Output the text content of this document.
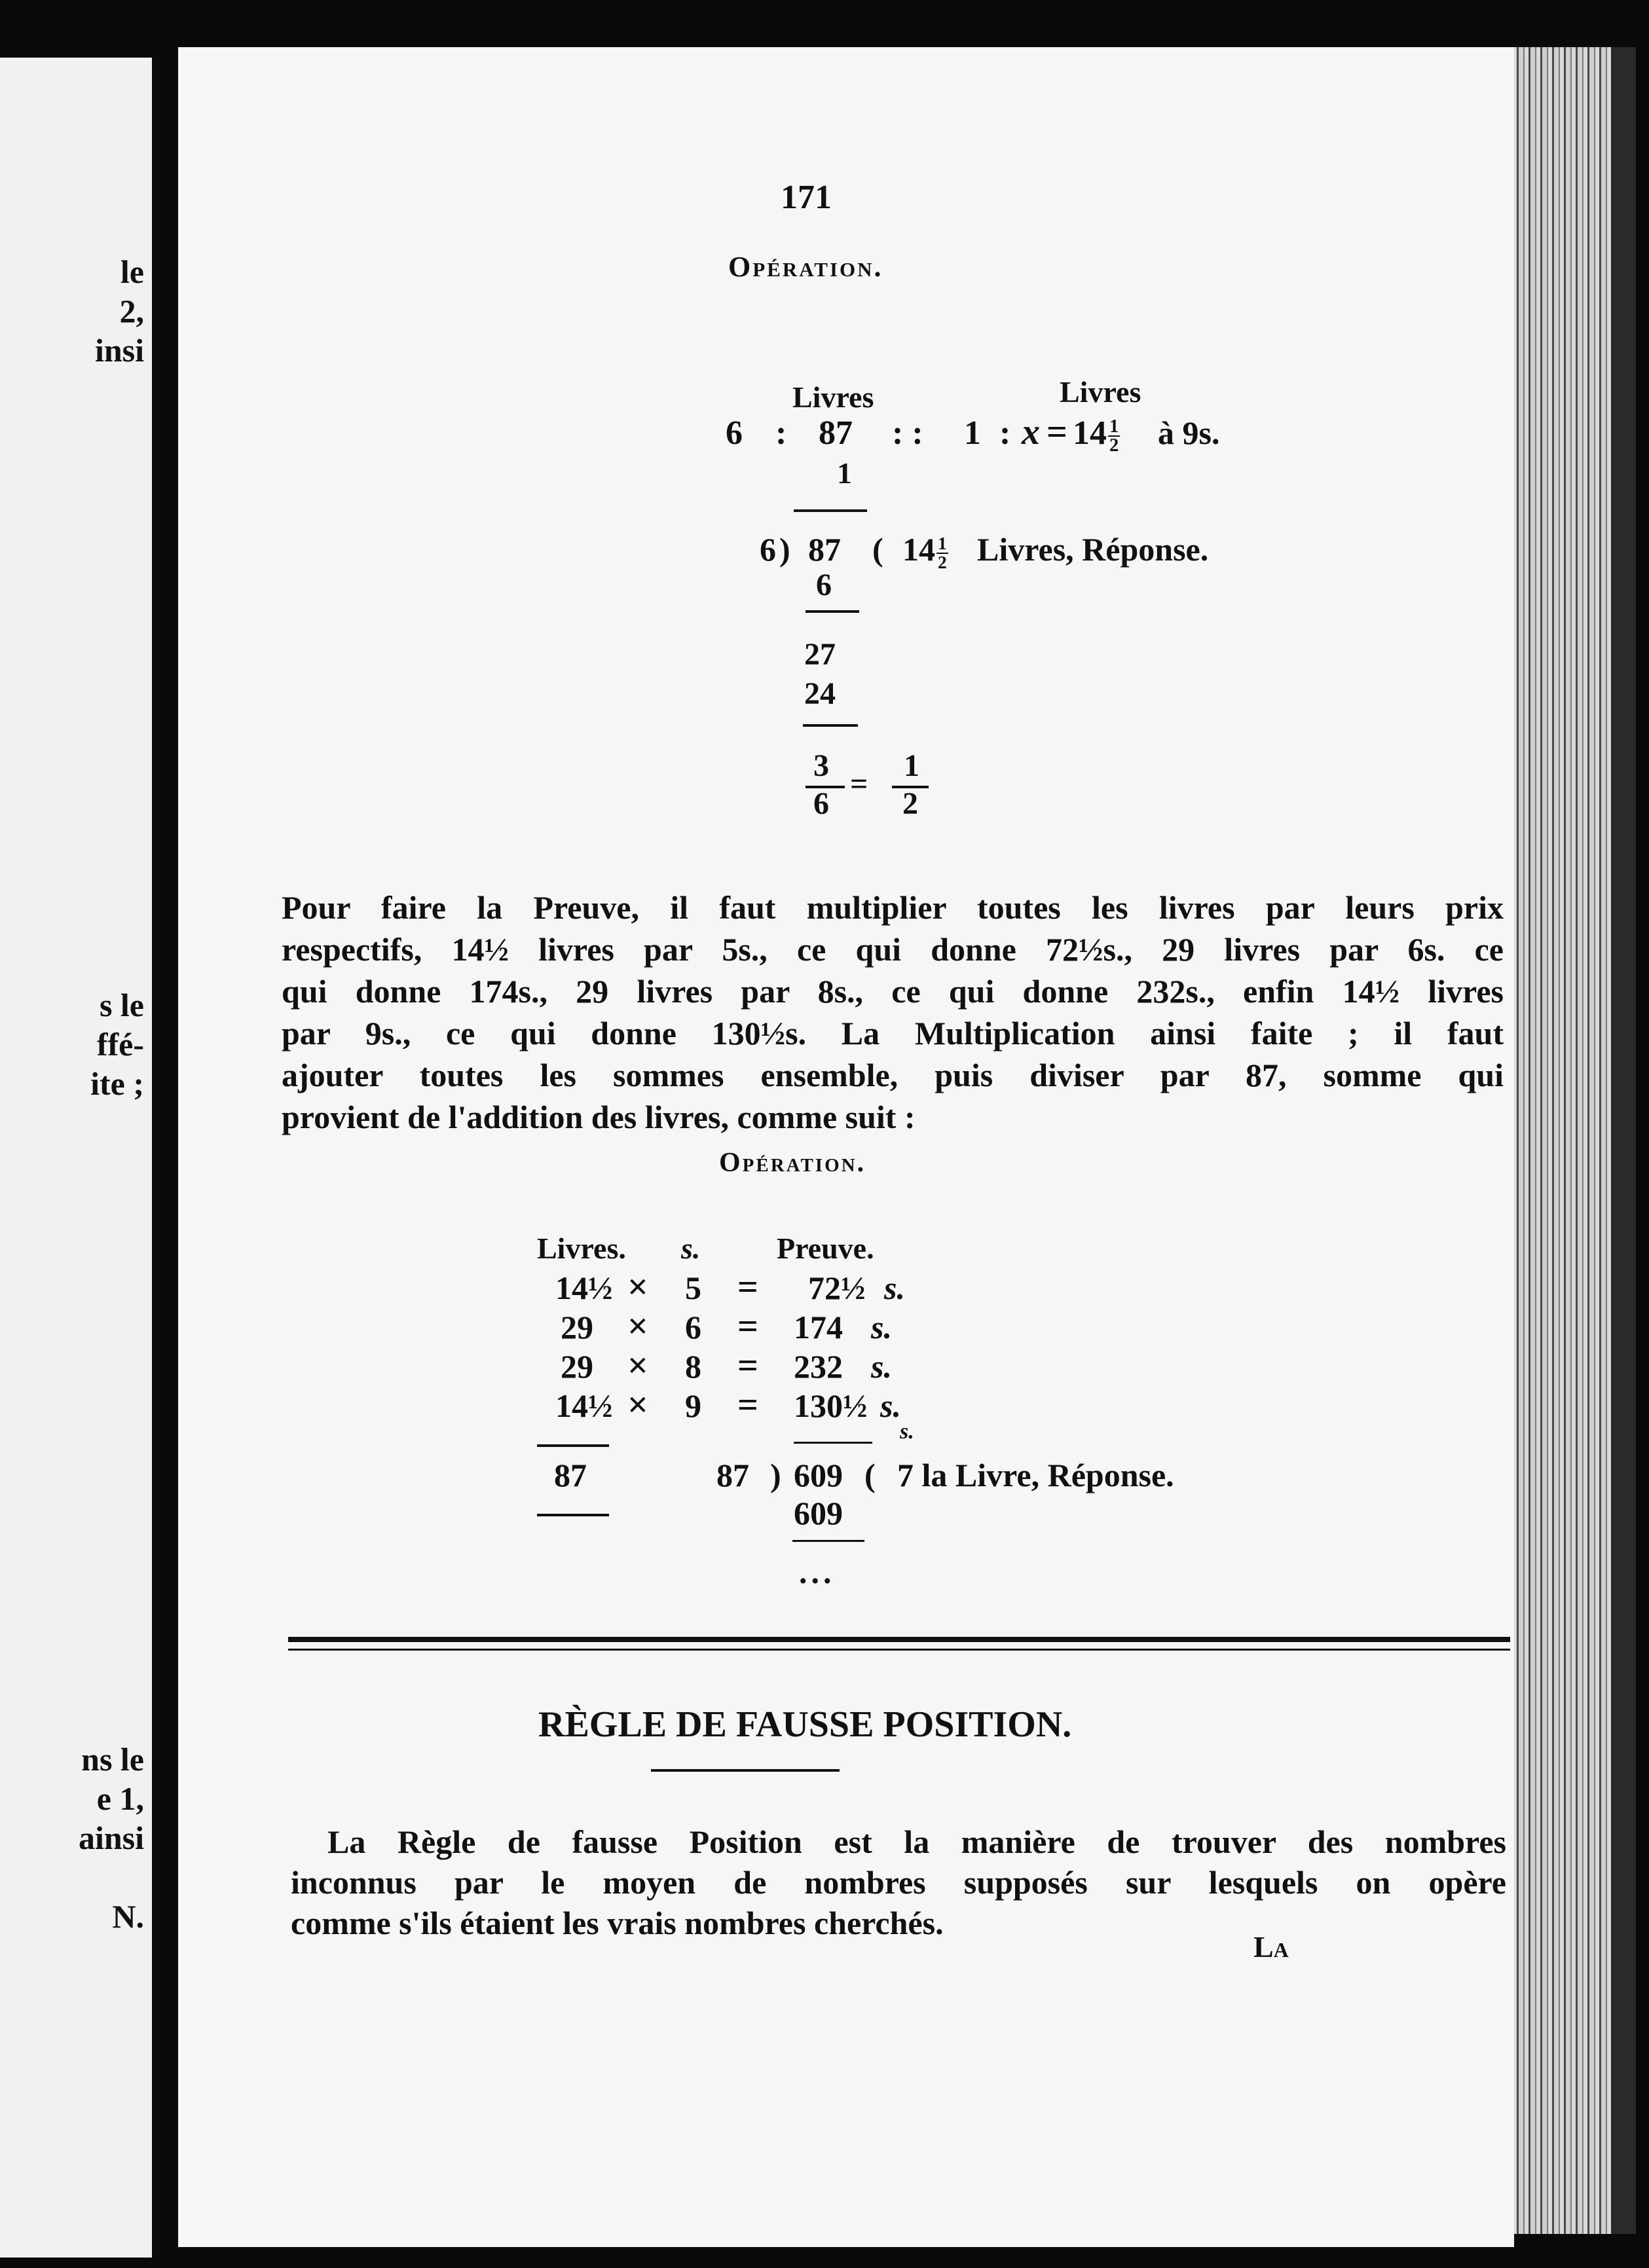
le
2,
insi
s le
ffé-
ite ;
ns le
e 1,
ainsi
N.
171
Opération.
Livres	Livres
6 : 87 : : 1 : $x = 14 \frac{1}{2}$ à 9s.
1
6 ) 87 ( $14 \frac{1}{2}$ Livres, Réponse.
6
27
24
3
6
=
1
2
Pour faire la Preuve, il faut multiplier toutes les livres par leurs prix
respectifs, 14½ livres par 5s., ce qui donne 72½s., 29 livres par 6s. ce
qui donne 174s., 29 livres par 8s., ce qui donne 232s., enfin 14½ livres
par 9s., ce qui donne 130½s. La Multiplication ainsi faite ; il faut
ajouter toutes les sommes ensemble, puis diviser par 87, somme qui
provient de l'addition des livres, comme suit :
Opération.
Livres. s.	Preuve.
14½ × 5 = 72½ s.
29 × 6 = 174 s.
29 × 8 = 232 s.
14½ × 9 = 130½ s.
87	87 )
s.
609 ( 7 la Livre, Réponse.
609
...
RÈGLE DE FAUSSE POSITION.
La Règle de fausse Position est la manière de trouver des nombres
inconnus par le moyen de nombres supposés sur lesquels on opère
comme s'ils étaient les vrais nombres cherchés.
La
